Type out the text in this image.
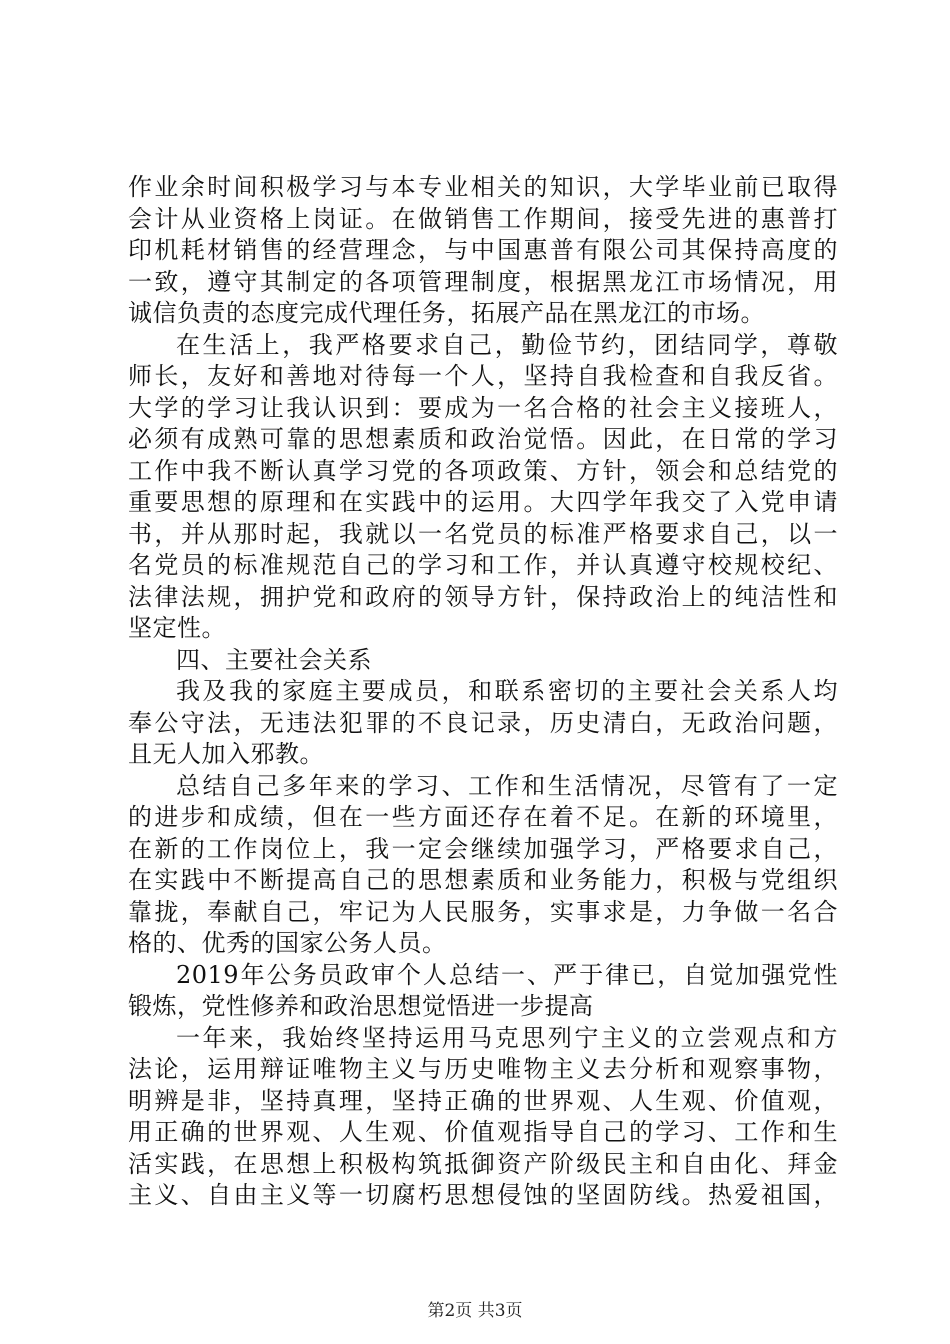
作业余时间积极学习与本专业相关的知识，大学毕业前已取得
会计从业资格上岗证。在做销售工作期间，接受先进的惠普打
印机耗材销售的经营理念，与中国惠普有限公司其保持高度的
一致，遵守其制定的各项管理制度，根据黑龙江市场情况，用
诚信负责的态度完成代理任务，拓展产品在黑龙江的市场。
在生活上，我严格要求自己，勤俭节约，团结同学，尊敬
师长，友好和善地对待每一个人，坚持自我检查和自我反省。
大学的学习让我认识到：要成为一名合格的社会主义接班人，
必须有成熟可靠的思想素质和政治觉悟。因此，在日常的学习
工作中我不断认真学习党的各项政策、方针，领会和总结党的
重要思想的原理和在实践中的运用。大四学年我交了入党申请
书，并从那时起，我就以一名党员的标准严格要求自己，以一
名党员的标准规范自己的学习和工作，并认真遵守校规校纪、
法律法规，拥护党和政府的领导方针，保持政治上的纯洁性和
坚定性。
四、主要社会关系
我及我的家庭主要成员，和联系密切的主要社会关系人均
奉公守法，无违法犯罪的不良记录，历史清白，无政治问题，
且无人加入邪教。
总结自己多年来的学习、工作和生活情况，尽管有了一定
的进步和成绩，但在一些方面还存在着不足。在新的环境里，
在新的工作岗位上，我一定会继续加强学习，严格要求自己，
在实践中不断提高自己的思想素质和业务能力，积极与党组织
靠拢，奉献自己，牢记为人民服务，实事求是，力争做一名合
格的、优秀的国家公务人员。
2019年公务员政审个人总结一、严于律已，自觉加强党性
锻炼，党性修养和政治思想觉悟进一步提高
一年来，我始终坚持运用马克思列宁主义的立尝观点和方
法论，运用辩证唯物主义与历史唯物主义去分析和观察事物，
明辨是非，坚持真理，坚持正确的世界观、人生观、价值观，
用正确的世界观、人生观、价值观指导自己的学习、工作和生
活实践，在思想上积极构筑抵御资产阶级民主和自由化、拜金
主义、自由主义等一切腐朽思想侵蚀的坚固防线。热爱祖国，
第2页 共3页
